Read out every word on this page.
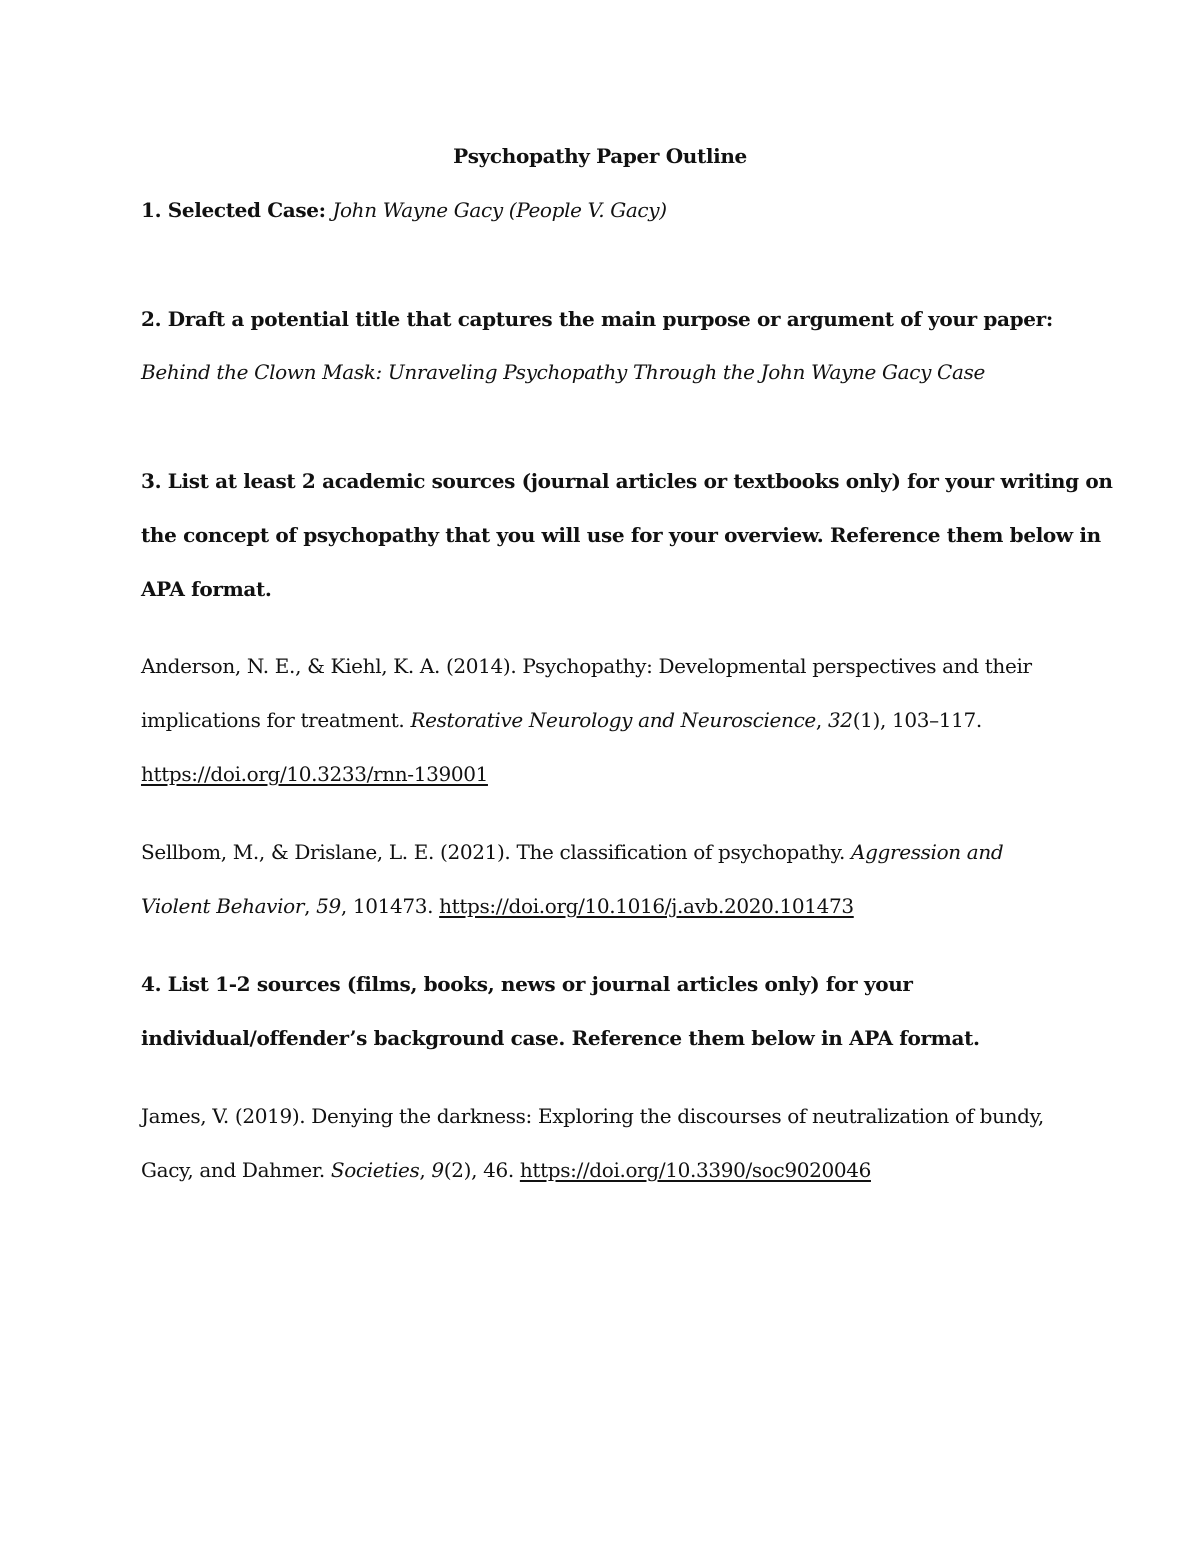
Psychopathy Paper Outline
1. Selected Case: John Wayne Gacy (People V. Gacy)
2. Draft a potential title that captures the main purpose or argument of your paper:
Behind the Clown Mask: Unraveling Psychopathy Through the John Wayne Gacy Case
3. List at least 2 academic sources (journal articles or textbooks only) for your writing on
the concept of psychopathy that you will use for your overview. Reference them below in
APA format.
Anderson, N. E., & Kiehl, K. A. (2014). Psychopathy: Developmental perspectives and their
implications for treatment. Restorative Neurology and Neuroscience, 32(1), 103–117.
https://doi.org/10.3233/rnn-139001
Sellbom, M., & Drislane, L. E. (2021). The classification of psychopathy. Aggression and
Violent Behavior, 59, 101473. https://doi.org/10.1016/j.avb.2020.101473
4. List 1-2 sources (films, books, news or journal articles only) for your
individual/offender’s background case. Reference them below in APA format.
James, V. (2019). Denying the darkness: Exploring the discourses of neutralization of bundy,
Gacy, and Dahmer. Societies, 9(2), 46. https://doi.org/10.3390/soc9020046
